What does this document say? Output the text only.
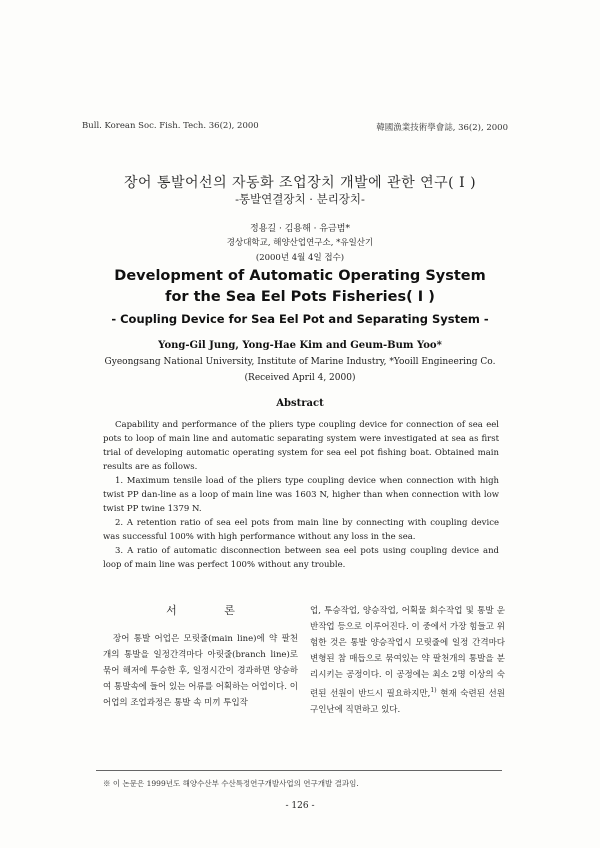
Bull. Korean Soc. Fish. Tech. 36(2), 2000	韓國漁業技術學會誌, 36(2), 2000
장어 통발어선의 자동화 조업장치 개발에 관한 연구( I )
-통발연결장치 · 분리장치-
정용길 · 김용해 · 유금범*
경상대학교, 해양산업연구소, *유일산기
(2000년 4월 4일 접수)
Development of Automatic Operating System
for the Sea Eel Pots Fisheries( I )
- Coupling Device for Sea Eel Pot and Separating System -
Yong-Gil Jung, Yong-Hae Kim and Geum-Bum Yoo*
Gyeongsang National University, Institute of Marine Industry, *Yooill Engineering Co.
(Received April 4, 2000)
Abstract

Capability and performance of the pliers type coupling device for connection of sea eel pots to loop of main line and automatic separating system were investigated at sea as first trial of developing automatic operating system for sea eel pot fishing boat. Obtained main results are as follows.

1. Maximum tensile load of the pliers type coupling device when connection with high twist PP dan-line as a loop of main line was 1603 N, higher than when connection with low twist PP twine 1379 N.

2. A retention ratio of sea eel pots from main line by connecting with coupling device was successful 100% with high performance without any loss in the sea.

3. A ratio of automatic disconnection between sea eel pots using coupling device and loop of main line was perfect 100% without any trouble.

서 론

장어 통발 어업은 모릿줄(main line)에 약 팔천 개의 통발을 일정간격마다 아릿줄(branch line)로 묶어 해저에 투승한 후, 일정시간이 경과하면 양승하여 통발속에 들어 있는 어류를 어획하는 어업이다. 이 어업의 조업과정은 통발 속 미끼 투입작

업, 투승작업, 양승작업, 어획물 회수작업 및 통발 운반작업 등으로 이루어진다. 이 중에서 가장 힘들고 위험한 것은 통발 양승작업시 모릿줄에 일정 간격마다 변형된 참 매듭으로 묶여있는 약 팔천개의 통발을 분리시키는 공정이다. 이 공정에는 최소 2명 이상의 숙련된 선원이 반드시 필요하지만,$^{1)}$ 현재 숙련된 선원 구인난에 직면하고 있다.

※ 이 논문은 1999년도 해양수산부 수산특정연구개발사업의 연구개발 결과임.
- 126 -
